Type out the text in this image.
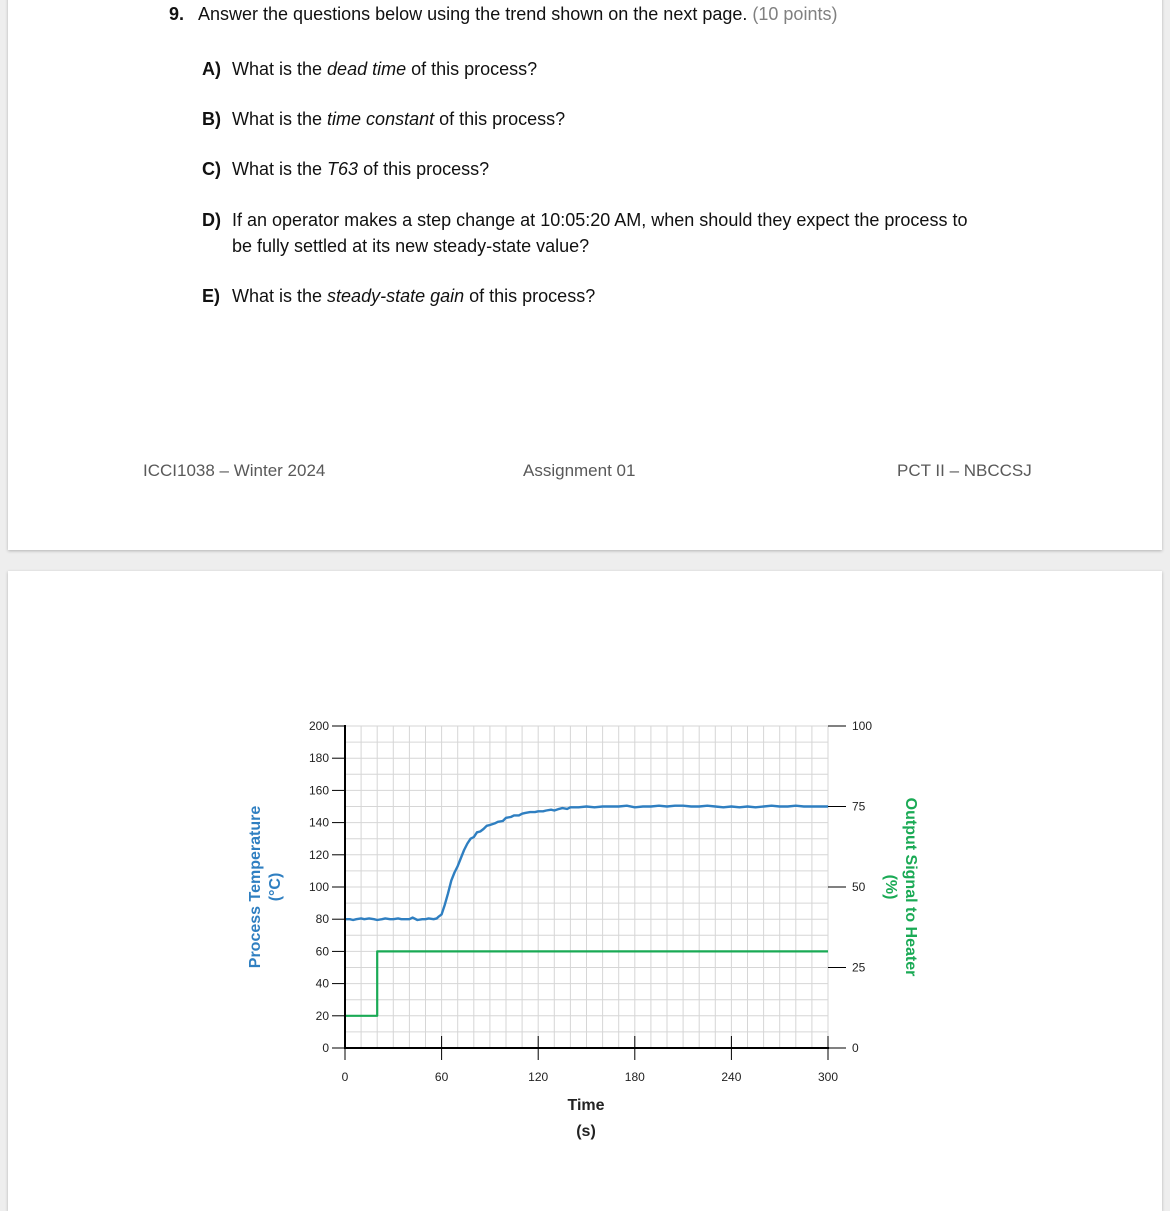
9. Answer the questions below using the trend shown on the next page. (10 points)
A) What is the dead time of this process?
B) What is the time constant of this process?
C) What is the T63 of this process?
D) If an operator makes a step change at 10:05:20 AM, when should they expect the process to
be fully settled at its new steady-state value?
E) What is the steady-state gain of this process?
ICCI1038 – Winter 2024	Assignment 01	PCT II – NBCCSJ
0
20
40
60
80
100
120
140
160
180
200
0
25
50
75
100
0	60	120	180	240	300
Time
(s)
Process Temperature (°C)	Output Signal to Heater
(%)
